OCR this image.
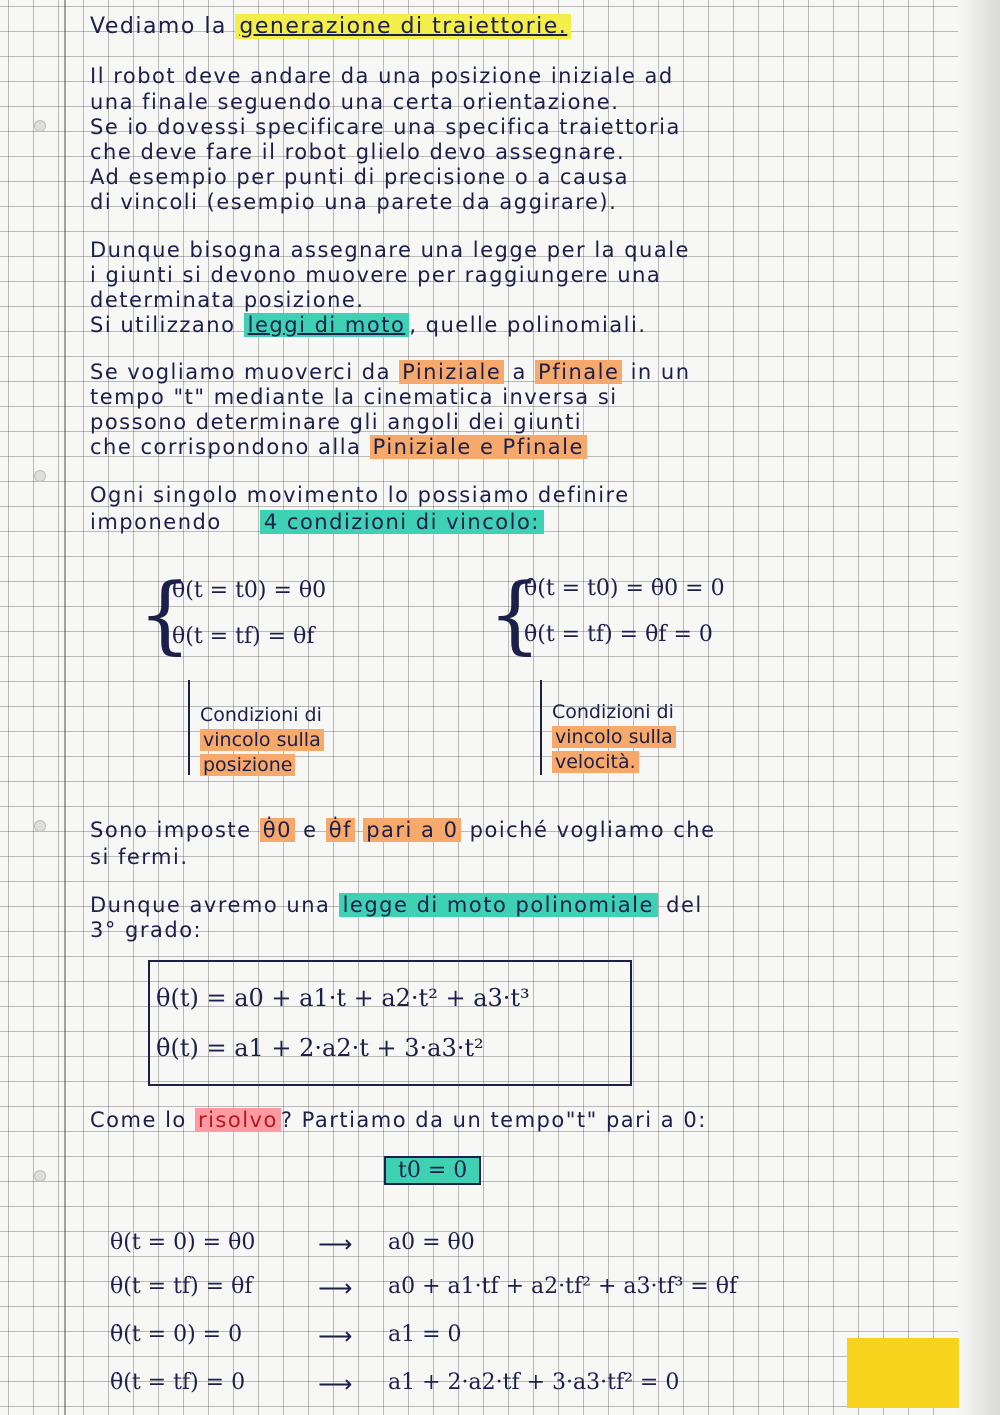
Vediamo la generazione di traiettorie.
Il robot deve andare da una posizione iniziale ad
una finale seguendo una certa orientazione.
Se io dovessi specificare una specifica traiettoria
che deve fare il robot glielo devo assegnare.
Ad esempio per punti di precisione o a causa
di vincoli (esempio una parete da aggirare).
Dunque bisogna assegnare una legge per la quale
i giunti si devono muovere per raggiungere una
determinata posizione.
Si utilizzano leggi di moto , quelle polinomiali.
Se vogliamo muoverci da Piniziale a Pfinale in un
tempo "t" mediante la cinematica inversa si
possono determinare gli angoli dei giunti
che corrispondono alla Piniziale e Pfinale
Ogni singolo movimento lo possiamo definire
imponendo 4 condizioni di vincolo:
{
θ(t = t0) = θ0
θ(t = tf) = θf {
θ̇(t = t0) = θ̇0 = 0
θ̇(t = tf) = θ̇f = 0
Condizioni di
vincolo sulla
posizione
Condizioni di
vincolo sulla
velocità.
Sono imposte θ̇0 e θ̇f pari a 0 poiché vogliamo che
si fermi.
Dunque avremo una legge di moto polinomiale del
3° grado:
θ(t) = a0 + a1·t + a2·t² + a3·t³
θ̇(t) = a1 + 2·a2·t + 3·a3·t²
Come lo risolvo ? Partiamo da un tempo"t" pari a 0:
t0 = 0
θ(t = 0) = θ0	⟶ a0 = θ0
θ(t = tf) = θf	⟶ a0 + a1·tf + a2·tf² + a3·tf³ = θf
θ̇(t = 0) = 0	⟶ a1 = 0
θ̇(t = tf) = 0	⟶ a1 + 2·a2·tf + 3·a3·tf² = 0
